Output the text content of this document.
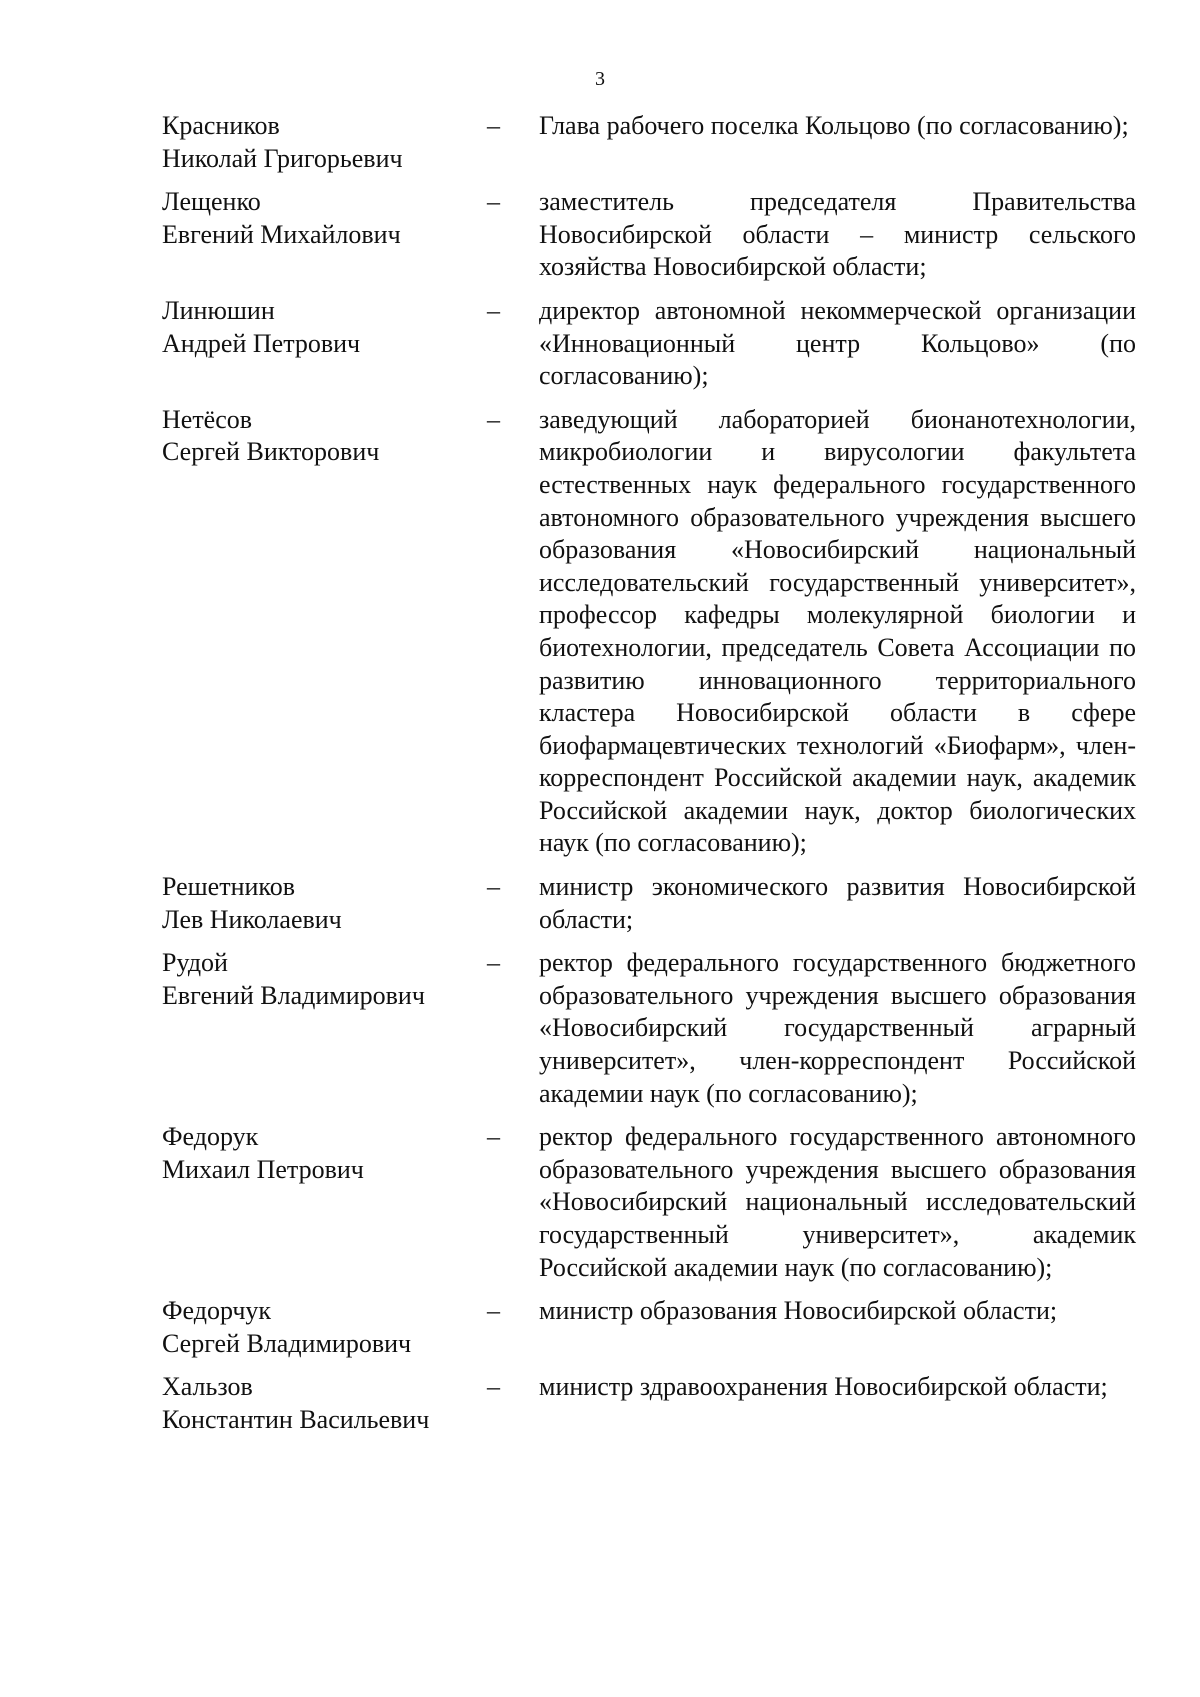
3
Красников
Николай Григорьевич
–	Глава рабочего поселка Кольцово (по согласованию);
Лещенко
Евгений Михайлович
–	заместитель председателя Правительства Новосибирской области – министр сельского хозяйства Новосибирской области;
Линюшин
Андрей Петрович
–	директор автономной некоммерческой организации «Инновационный центр Кольцово» (по согласованию);
Нетёсов
Сергей Викторович
–	заведующий лабораторией бионанотехнологии, микробиологии и вирусологии факультета естественных наук федерального государственного автономного образовательного учреждения высшего образования «Новосибирский национальный исследовательский государственный университет», профессор кафедры молекулярной биологии и биотехнологии, председатель Совета Ассоциации по развитию инновационного территориального кластера Новосибирской области в сфере биофармацевтических технологий «Биофарм», член-корреспондент Российской академии наук, академик Российской академии наук, доктор биологических наук (по согласованию);
Решетников
Лев Николаевич
–	министр экономического развития Новосибирской области;
Рудой
Евгений Владимирович
–	ректор федерального государственного бюджетного образовательного учреждения высшего образования «Новосибирский государственный аграрный университет», член-корреспондент Российской академии наук (по согласованию);
Федорук
Михаил Петрович
–	ректор федерального государственного автономного образовательного учреждения высшего образования «Новосибирский национальный исследовательский государственный университет», академик Российской академии наук (по согласованию);
Федорчук
Сергей Владимирович
–	министр образования Новосибирской области;
Хальзов
Константин Васильевич
–	министр здравоохранения Новосибирской области;
